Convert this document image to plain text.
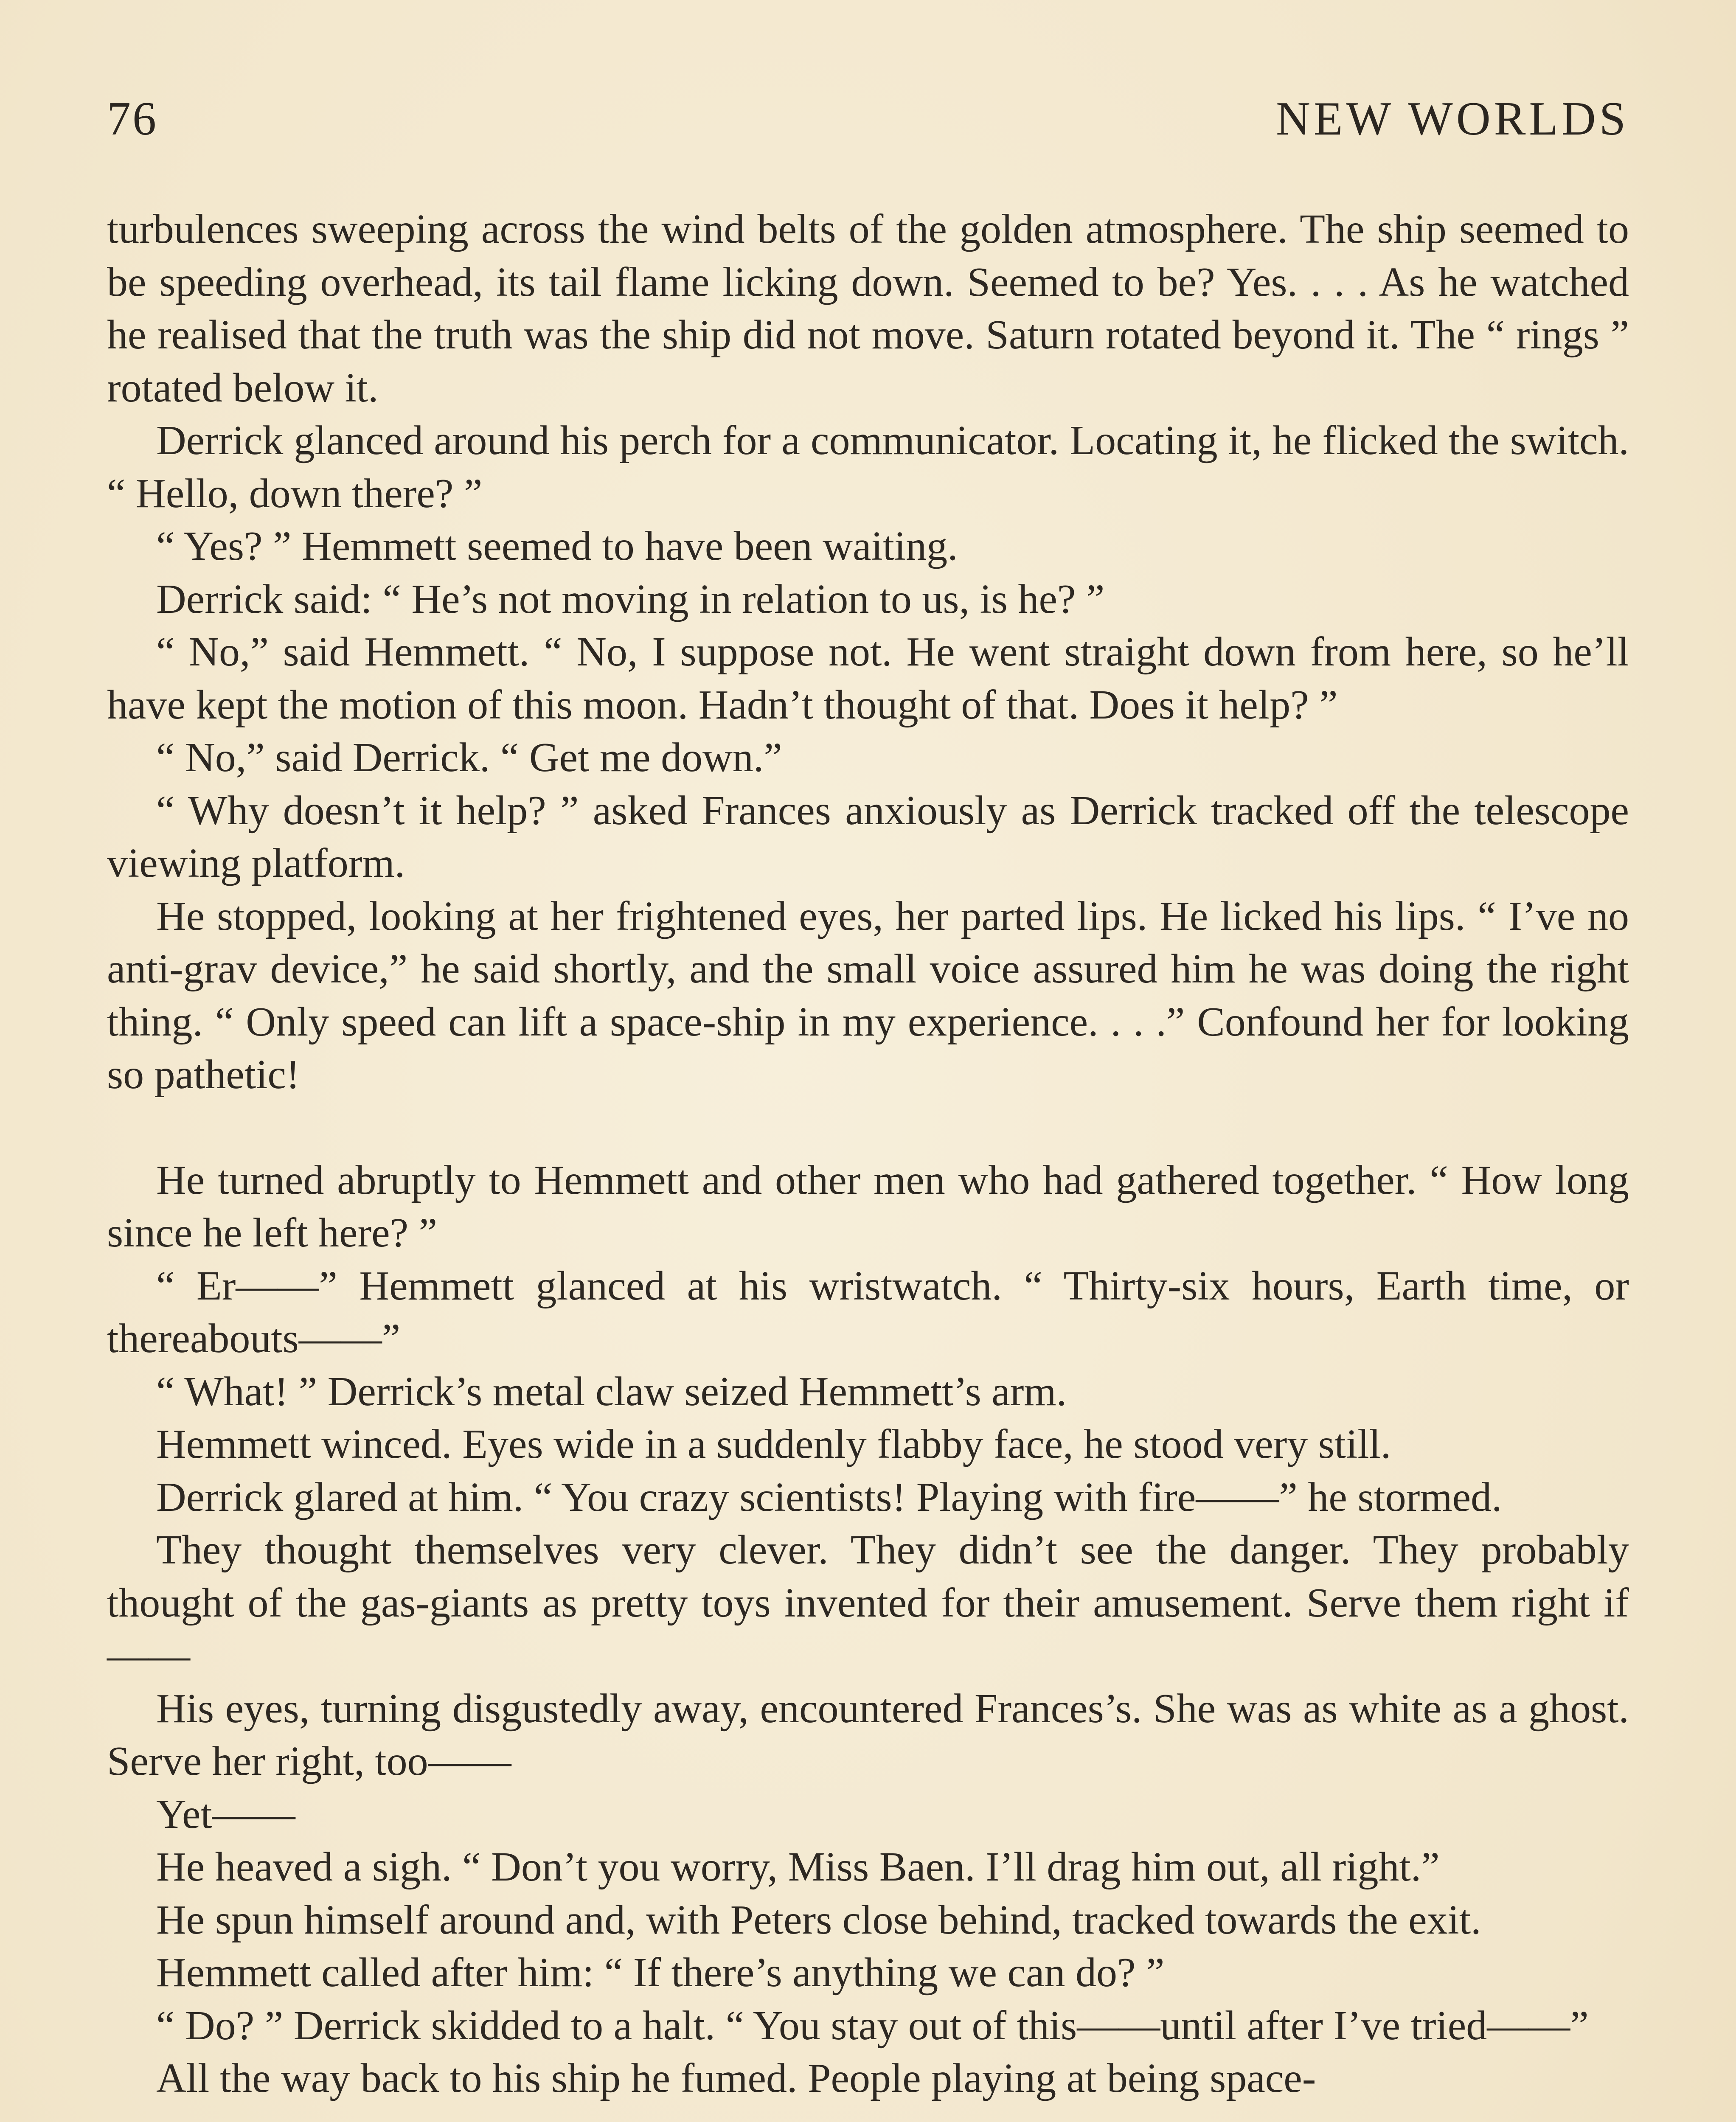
76	NEW WORLDS

turbulences sweeping across the wind belts of the golden atmosphere. The ship seemed to be speeding overhead, its tail flame licking down. Seemed to be? Yes. . . . As he watched he realised that the truth was the ship did not move. Saturn rotated beyond it. The “ rings ” rotated below it.

Derrick glanced around his perch for a communicator. Locating it, he flicked the switch. “ Hello, down there? ”

“ Yes? ” Hemmett seemed to have been waiting.

Derrick said: “ He’s not moving in relation to us, is he? ”

“ No,” said Hemmett. “ No, I suppose not. He went straight down from here, so he’ll have kept the motion of this moon. Hadn’t thought of that. Does it help? ”

“ No,” said Derrick. “ Get me down.”

“ Why doesn’t it help? ” asked Frances anxiously as Derrick tracked off the telescope viewing platform.

He stopped, looking at her frightened eyes, her parted lips. He licked his lips. “ I’ve no anti-grav device,” he said shortly, and the small voice assured him he was doing the right thing. “ Only speed can lift a space-ship in my experience. . . .” Confound her for looking so pathetic!

He turned abruptly to Hemmett and other men who had gathered together. “ How long since he left here? ”

“ Er——” Hemmett glanced at his wristwatch. “ Thirty-six hours, Earth time, or thereabouts——”

“ What! ” Derrick’s metal claw seized Hemmett’s arm.

Hemmett winced. Eyes wide in a suddenly flabby face, he stood very still.

Derrick glared at him. “ You crazy scientists! Playing with fire——” he stormed.

They thought themselves very clever. They didn’t see the danger. They probably thought of the gas-giants as pretty toys invented for their amusement. Serve them right if——

His eyes, turning disgustedly away, encountered Frances’s. She was as white as a ghost. Serve her right, too——

Yet——

He heaved a sigh. “ Don’t you worry, Miss Baen. I’ll drag him out, all right.”

He spun himself around and, with Peters close behind, tracked towards the exit.

Hemmett called after him: “ If there’s anything we can do? ”

“ Do? ” Derrick skidded to a halt. “ You stay out of this——until after I’ve tried——”

All the way back to his ship he fumed. People playing at being space-
